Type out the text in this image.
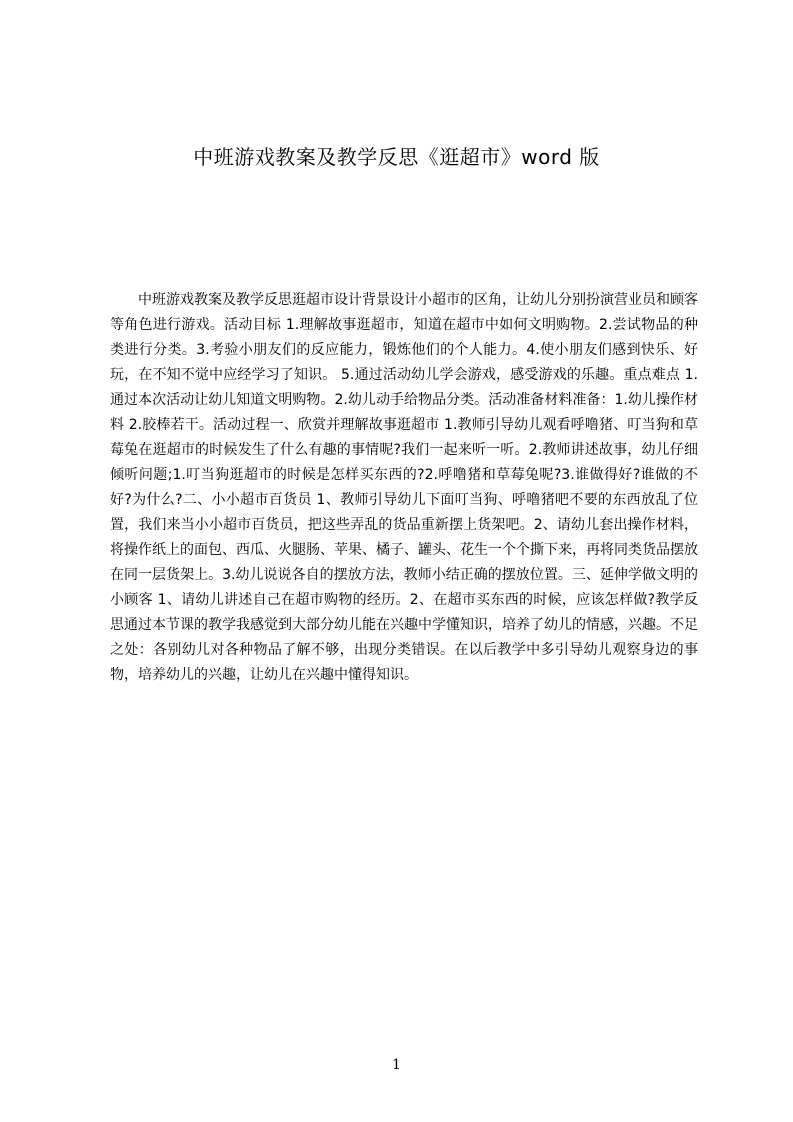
中班游戏教案及教学反思《逛超市》word 版

中班游戏教案及教学反思逛超市设计背景设计小超市的区角，让幼儿分别扮演营业员和顾客等角色进行游戏。活动目标 1.理解故事逛超市，知道在超市中如何文明购物。2.尝试物品的种类进行分类。3.考验小朋友们的反应能力，锻炼他们的个人能力。4.使小朋友们感到快乐、好玩，在不知不觉中应经学习了知识。 5.通过活动幼儿学会游戏，感受游戏的乐趣。重点难点 1.通过本次活动让幼儿知道文明购物。2.幼儿动手给物品分类。活动准备材料准备：1.幼儿操作材料 2.胶棒若干。活动过程一、欣赏并理解故事逛超市 1.教师引导幼儿观看呼噜猪、叮当狗和草莓兔在逛超市的时候发生了什么有趣的事情呢?我们一起来听一听。2.教师讲述故事，幼儿仔细倾听问题;1.叮当狗逛超市的时候是怎样买东西的?2.呼噜猪和草莓兔呢?3.谁做得好?谁做的不好?为什么?二、小小超市百货员 1、教师引导幼儿下面叮当狗、呼噜猪吧不要的东西放乱了位置，我们来当小小超市百货员，把这些弄乱的货品重新摆上货架吧。2、请幼儿套出操作材料，将操作纸上的面包、西瓜、火腿肠、苹果、橘子、罐头、花生一个个撕下来，再将同类货品摆放在同一层货架上。3.幼儿说说各自的摆放方法，教师小结正确的摆放位置。三、延伸学做文明的小顾客 1、请幼儿讲述自己在超市购物的经历。2、在超市买东西的时候，应该怎样做?教学反思通过本节课的教学我感觉到大部分幼儿能在兴趣中学懂知识，培养了幼儿的情感，兴趣。不足之处：各别幼儿对各种物品了解不够，出现分类错误。在以后教学中多引导幼儿观察身边的事物，培养幼儿的兴趣，让幼儿在兴趣中懂得知识。

1
